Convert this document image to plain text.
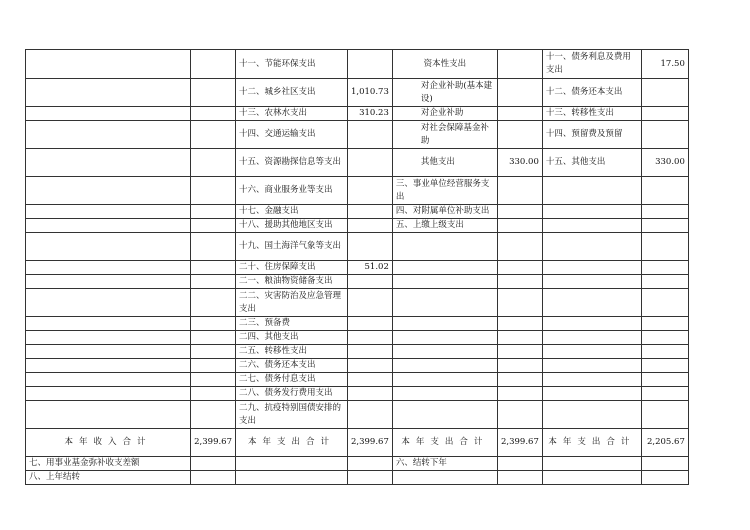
		十一、节能环保支出		资本性支出		十一、债务利息及费用支出	17.50
		十二、城乡社区支出	1,010.73	对企业补助(基本建设)		十二、债务还本支出	
		十三、农林水支出	310.23	对企业补助		十三、转移性支出	
		十四、交通运输支出		对社会保障基金补助		十四、预留费及预留	
		十五、资源勘探信息等支出		其他支出	330.00	十五、其他支出	330.00
		十六、商业服务业等支出		三、事业单位经营服务支出			
		十七、金融支出		四、对附属单位补助支出			
		十八、援助其他地区支出		五、上缴上级支出			
		十九、国土海洋气象等支出					
		二十、住房保障支出	51.02				
		二一、粮油物资储备支出					
		二二、灾害防治及应急管理支出					
		二三、预备费					
		二四、其他支出					
		二五、转移性支出					
		二六、债务还本支出					
		二七、债务付息支出					
		二八、债务发行费用支出					
		二九、抗疫特别国债安排的支出					
本年收入合计	2,399.67	本年支出合计	2,399.67	本年支出合计	2,399.67	本年支出合计	2,205.67
七、用事业基金弥补收支差额				六、结转下年			
八、上年结转							
